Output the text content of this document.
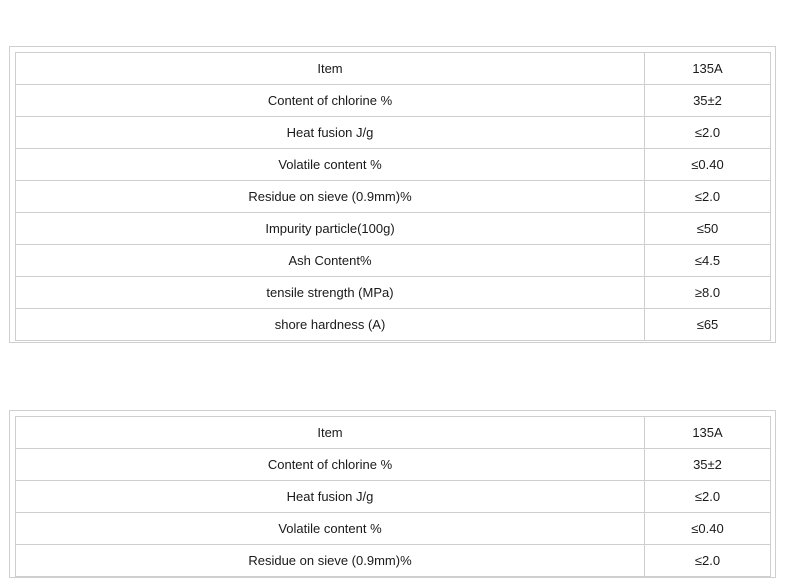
Item	135A
Content of chlorine %	35±2
Heat fusion J/g	≤2.0
Volatile content %	≤0.40
Residue on sieve (0.9mm)%	≤2.0
Impurity particle(100g)	≤50
Ash Content%	≤4.5
tensile strength (MPa)	≥8.0
shore hardness (A)	≤65
Item	135A
Content of chlorine %	35±2
Heat fusion J/g	≤2.0
Volatile content %	≤0.40
Residue on sieve (0.9mm)%	≤2.0
